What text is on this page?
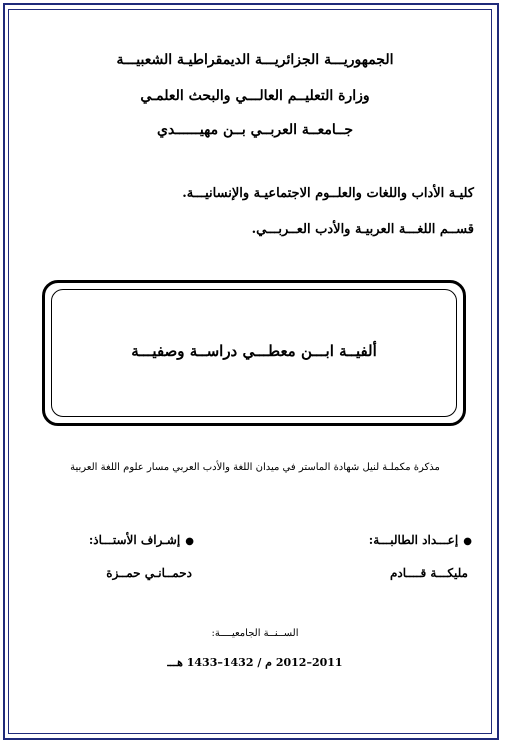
الجمهوريـــة الجزائريـــة الديمقراطيـة الشعبيـــة
وزارة التعليــم العالـــي والبحث العلمـي
جــامعــة العربــي بــن مهيــــــدي
كليـة الأداب واللغات والعلــوم الاجتماعيـة والإنسانيـــة.
قســم اللغـــة العربيـة والأدب العــربـــي.
ألفيــة ابـــن معطـــي دراســة وصفيـــة
مذكرة مكملـة لنيل شهادة الماستر في ميدان اللغة والأدب العربي مسار علوم اللغة العربية
● إعـــداد الطالبـــة:
● إشـراف الأستـــاذ:
مليكـــة قــــادم
دحمــانـي حمــزة
الســنــة الجامعيــــة:
2011–2012 م / 1432–1433 هـــ
